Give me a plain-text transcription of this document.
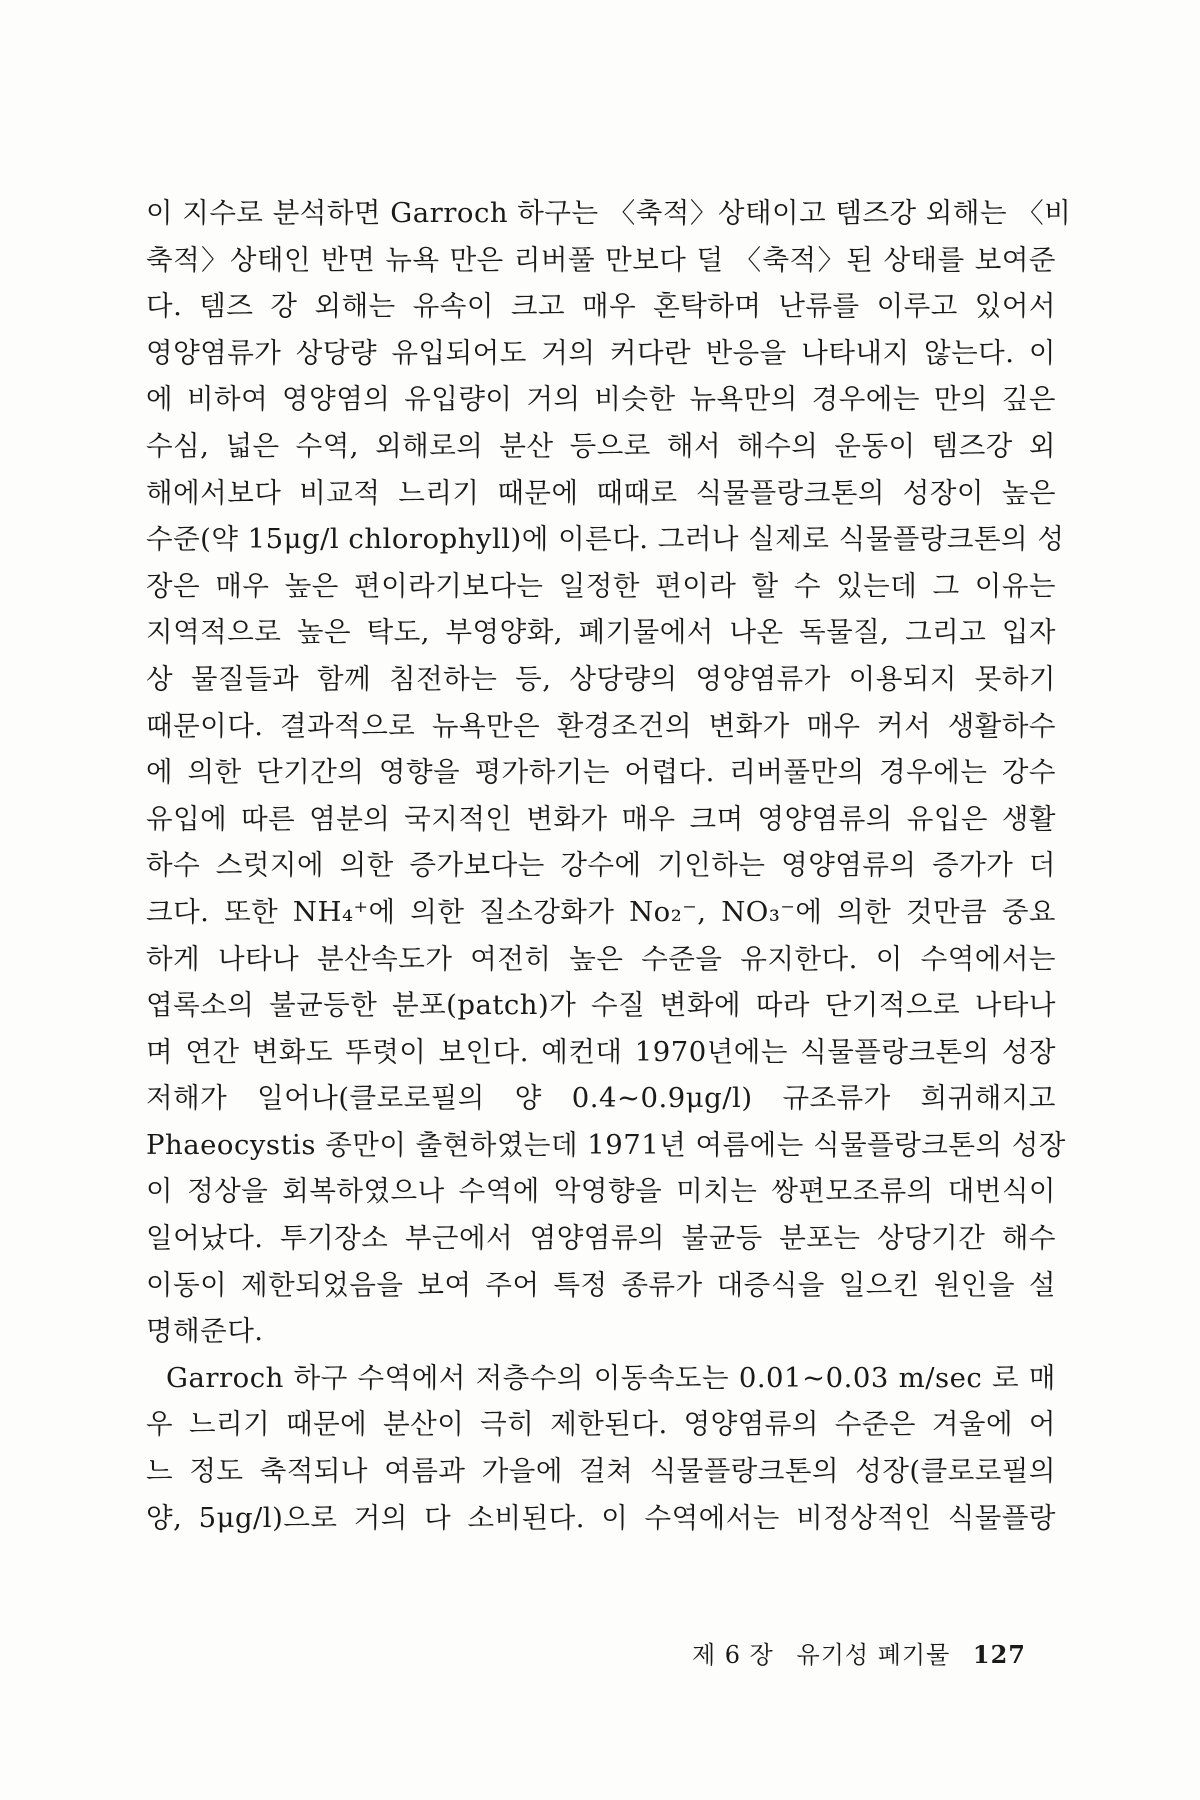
이 지수로 분석하면 Garroch 하구는 〈축적〉상태이고 템즈강 외해는 〈비
축적〉상태인 반면 뉴욕 만은 리버풀 만보다 덜 〈축적〉된 상태를 보여준
다. 템즈 강 외해는 유속이 크고 매우 혼탁하며 난류를 이루고 있어서
영양염류가 상당량 유입되어도 거의 커다란 반응을 나타내지 않는다. 이
에 비하여 영양염의 유입량이 거의 비슷한 뉴욕만의 경우에는 만의 깊은
수심, 넓은 수역, 외해로의 분산 등으로 해서 해수의 운동이 템즈강 외
해에서보다 비교적 느리기 때문에 때때로 식물플랑크톤의 성장이 높은
수준(약 15μg/l chlorophyll)에 이른다. 그러나 실제로 식물플랑크톤의 성
장은 매우 높은 편이라기보다는 일정한 편이라 할 수 있는데 그 이유는
지역적으로 높은 탁도, 부영양화, 폐기물에서 나온 독물질, 그리고 입자
상 물질들과 함께 침전하는 등, 상당량의 영양염류가 이용되지 못하기
때문이다. 결과적으로 뉴욕만은 환경조건의 변화가 매우 커서 생활하수
에 의한 단기간의 영향을 평가하기는 어렵다. 리버풀만의 경우에는 강수
유입에 따른 염분의 국지적인 변화가 매우 크며 영양염류의 유입은 생활
하수 스럿지에 의한 증가보다는 강수에 기인하는 영양염류의 증가가 더
크다. 또한 NH₄⁺에 의한 질소강화가 No₂⁻, NO₃⁻에 의한 것만큼 중요
하게 나타나 분산속도가 여전히 높은 수준을 유지한다. 이 수역에서는
엽록소의 불균등한 분포(patch)가 수질 변화에 따라 단기적으로 나타나
며 연간 변화도 뚜렷이 보인다. 예컨대 1970년에는 식물플랑크톤의 성장
저해가 일어나(클로로필의 양 0.4~0.9μg/l) 규조류가 희귀해지고
Phaeocystis 종만이 출현하였는데 1971년 여름에는 식물플랑크톤의 성장
이 정상을 회복하였으나 수역에 악영향을 미치는 쌍편모조류의 대번식이
일어났다. 투기장소 부근에서 염양염류의 불균등 분포는 상당기간 해수
이동이 제한되었음을 보여 주어 특정 종류가 대증식을 일으킨 원인을 설
명해준다.
Garroch 하구 수역에서 저층수의 이동속도는 0.01~0.03 m/sec 로 매
우 느리기 때문에 분산이 극히 제한된다. 영양염류의 수준은 겨울에 어
느 정도 축적되나 여름과 가을에 걸쳐 식물플랑크톤의 성장(클로로필의
양, 5μg/l)으로 거의 다 소비된다. 이 수역에서는 비정상적인 식물플랑
제 6 장 유기성 폐기물 127
